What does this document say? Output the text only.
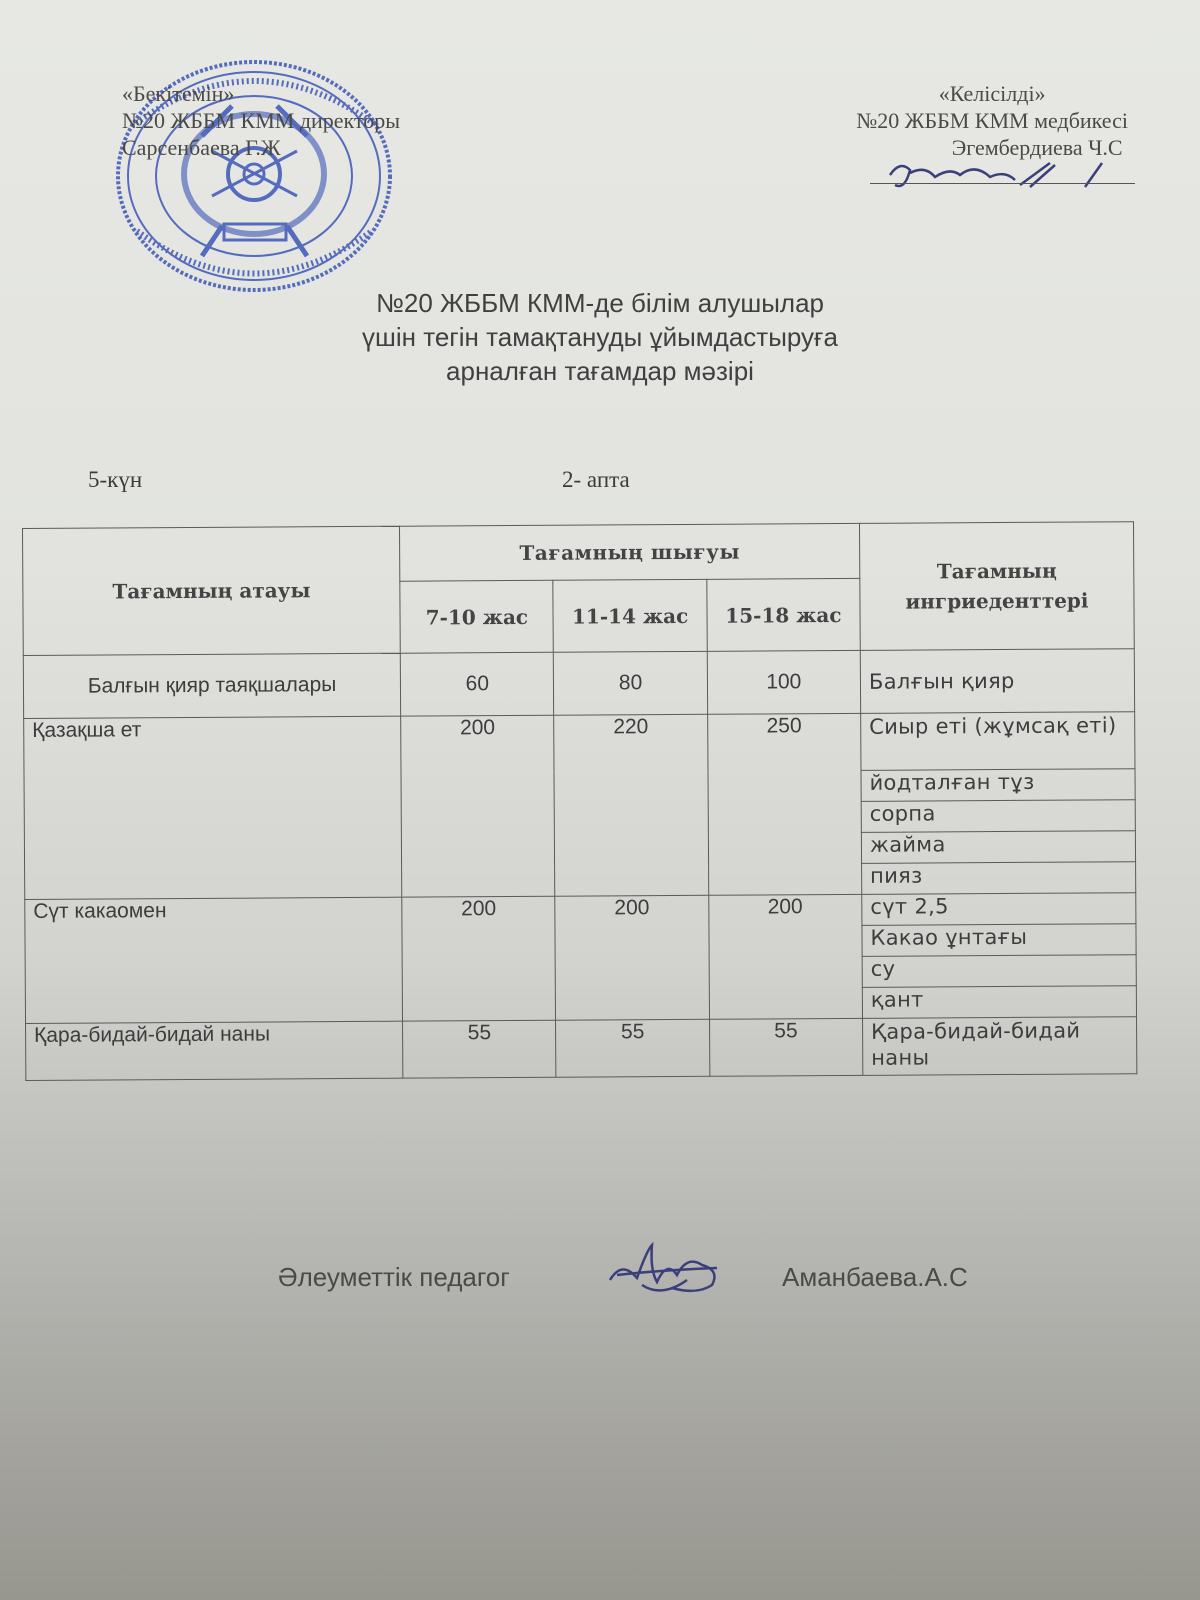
«Бекітемін»
№20 ЖББМ КММ директоры
Сарсенбаева Г.Ж
«Келісілді»
№20 ЖББМ КММ медбикесі
Эгембердиева Ч.С
№20 ЖББМ КММ-де білім алушылар
үшін тегін тамақтануды ұйымдастыруға
арналған тағамдар мәзірі
5-күн	2- апта
Тағамның атауы	Тағамның шығуы			Тағамның ингриеденттері
	7-10 жас	11-14 жас	15-18 жас	
Балғын қияр таяқшалары	60	80	100	Балғын қияр
Қазақша ет	200	220	250	Сиыр еті (жұмсақ еті)
				йодталған тұз
				сорпа
				жайма
				пияз
Сүт какаомен	200	200	200	сүт 2,5
				Какао ұнтағы
				су
				қант
Қара-бидай-бидай наны	55	55	55	Қара-бидай-бидай наны
Әлеуметтік педагог	Аманбаева.А.С
